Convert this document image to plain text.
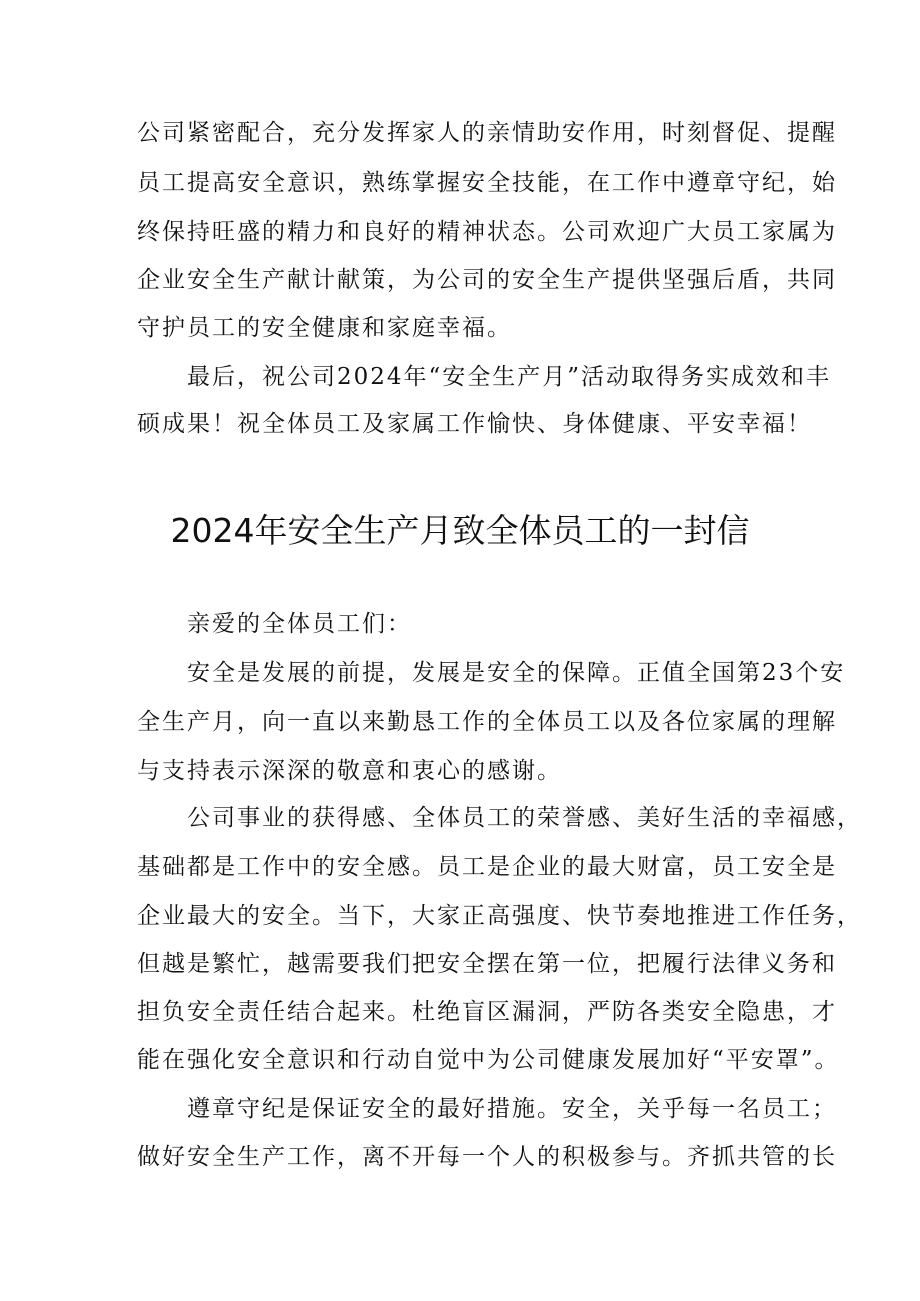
公司紧密配合，充分发挥家人的亲情助安作用，时刻督促、提醒
员工提高安全意识，熟练掌握安全技能，在工作中遵章守纪，始
终保持旺盛的精力和良好的精神状态。公司欢迎广大员工家属为
企业安全生产献计献策，为公司的安全生产提供坚强后盾，共同
守护员工的安全健康和家庭幸福。
最后，祝公司2024年“安全生产月”活动取得务实成效和丰
硕成果！祝全体员工及家属工作愉快、身体健康、平安幸福！
2024年安全生产月致全体员工的一封信
亲爱的全体员工们：
安全是发展的前提，发展是安全的保障。正值全国第23个安
全生产月，向一直以来勤恳工作的全体员工以及各位家属的理解
与支持表示深深的敬意和衷心的感谢。
公司事业的获得感、全体员工的荣誉感、美好生活的幸福感，
基础都是工作中的安全感。员工是企业的最大财富，员工安全是
企业最大的安全。当下，大家正高强度、快节奏地推进工作任务，
但越是繁忙，越需要我们把安全摆在第一位，把履行法律义务和
担负安全责任结合起来。杜绝盲区漏洞，严防各类安全隐患，才
能在强化安全意识和行动自觉中为公司健康发展加好“平安罩”。
遵章守纪是保证安全的最好措施。安全，关乎每一名员工；
做好安全生产工作，离不开每一个人的积极参与。齐抓共管的长
